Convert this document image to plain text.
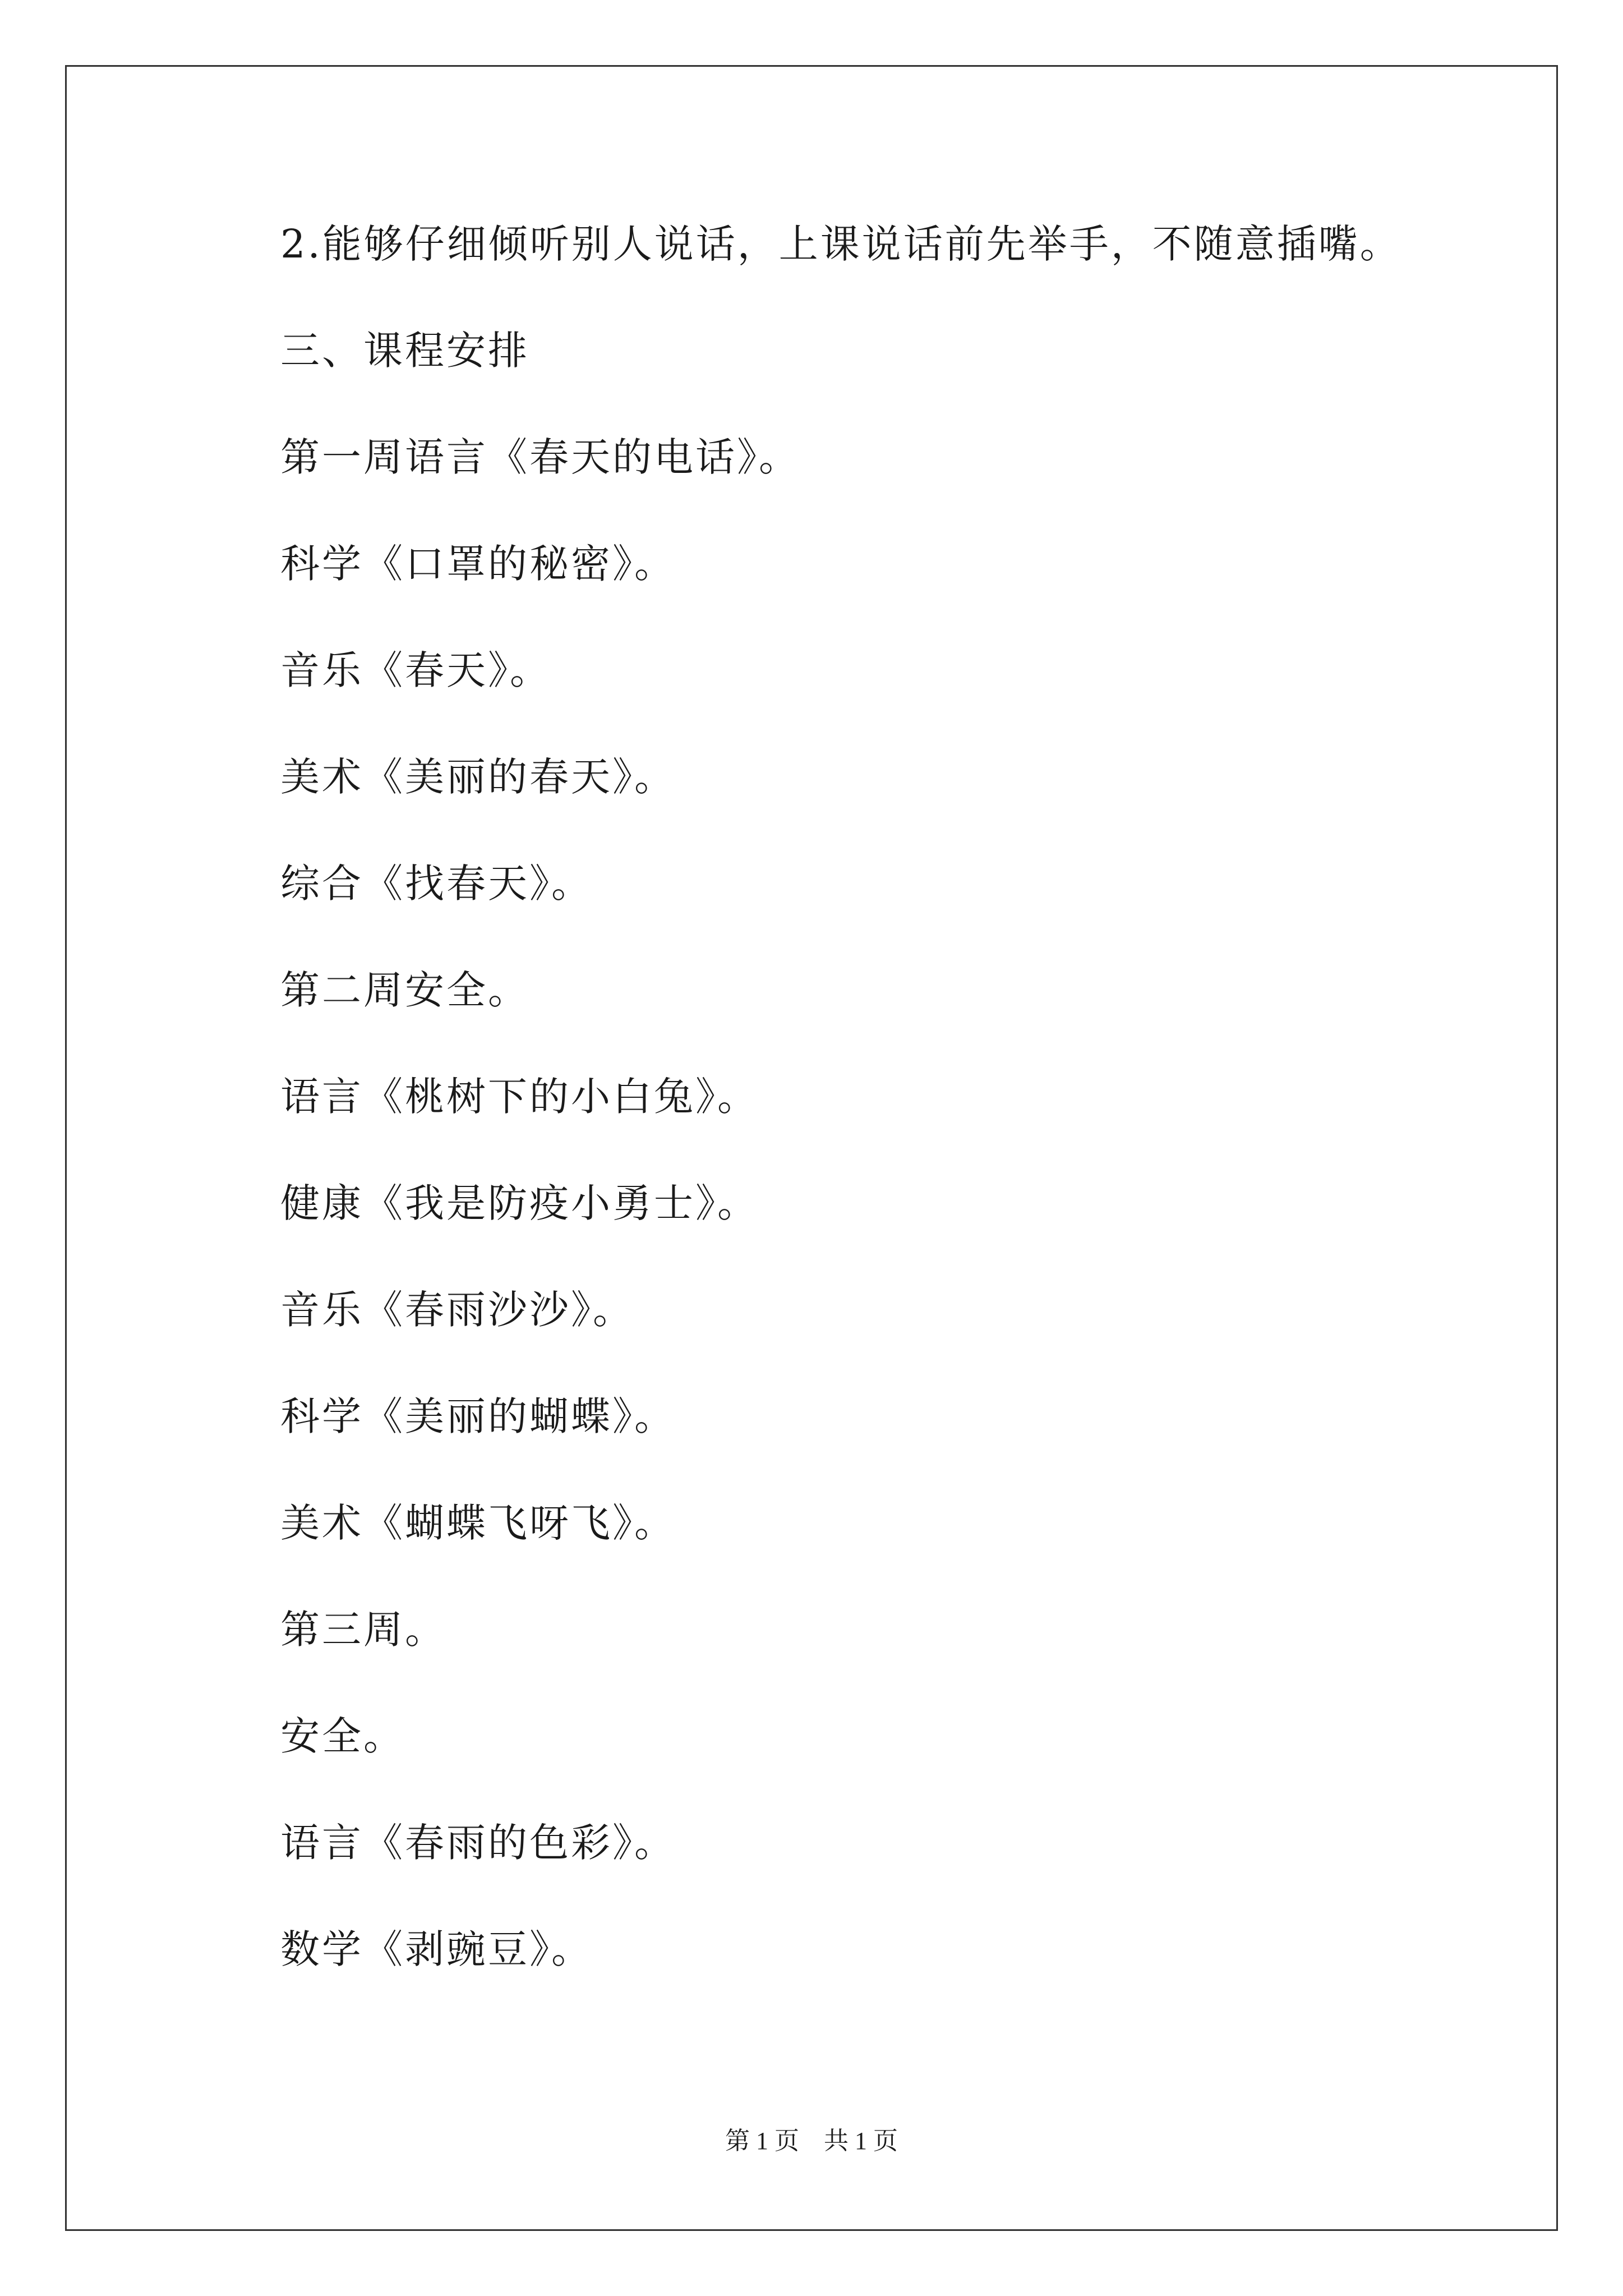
2.能够仔细倾听别人说话，上课说话前先举手，不随意插嘴。
三、课程安排
第一周语言《春天的电话》。
科学《口罩的秘密》。
音乐《春天》。
美术《美丽的春天》。
综合《找春天》。
第二周安全。
语言《桃树下的小白兔》。
健康《我是防疫小勇士》。
音乐《春雨沙沙》。
科学《美丽的蝴蝶》。
美术《蝴蝶飞呀飞》。
第三周。
安全。
语言《春雨的色彩》。
数学《剥豌豆》。
第 1 页    共 1 页
